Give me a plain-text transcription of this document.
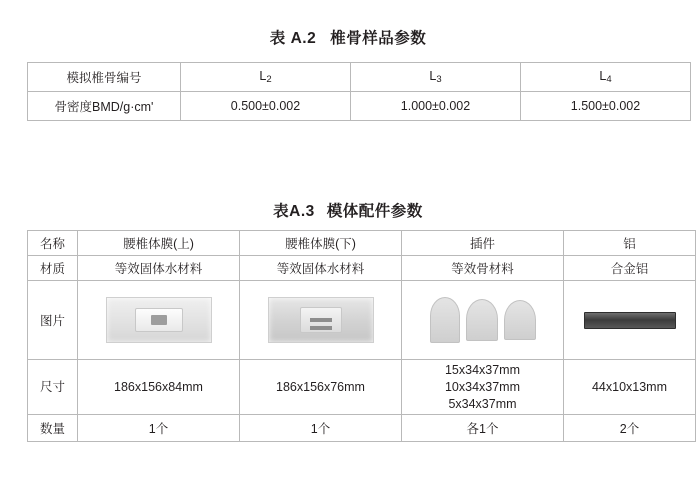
表 A.2 椎骨样品参数
模拟椎骨编号	$L_2$	$L_3$	$L_4$
骨密度BMD/g·cm'	0.500±0.002	1.000±0.002	1.500±0.002
表A.3 模体配件参数
名称	腰椎体膜(上)	腰椎体膜(下)	插件	铝
材质	等效固体水材料	等效固体水材料	等效骨材料	合金铝
图片	

尺寸	186x156x84mm	186x156x76mm	15x34x37mm
10x34x37mm
5x34x37mm	44x10x13mm
数量	1个	1个	各1个	2个
